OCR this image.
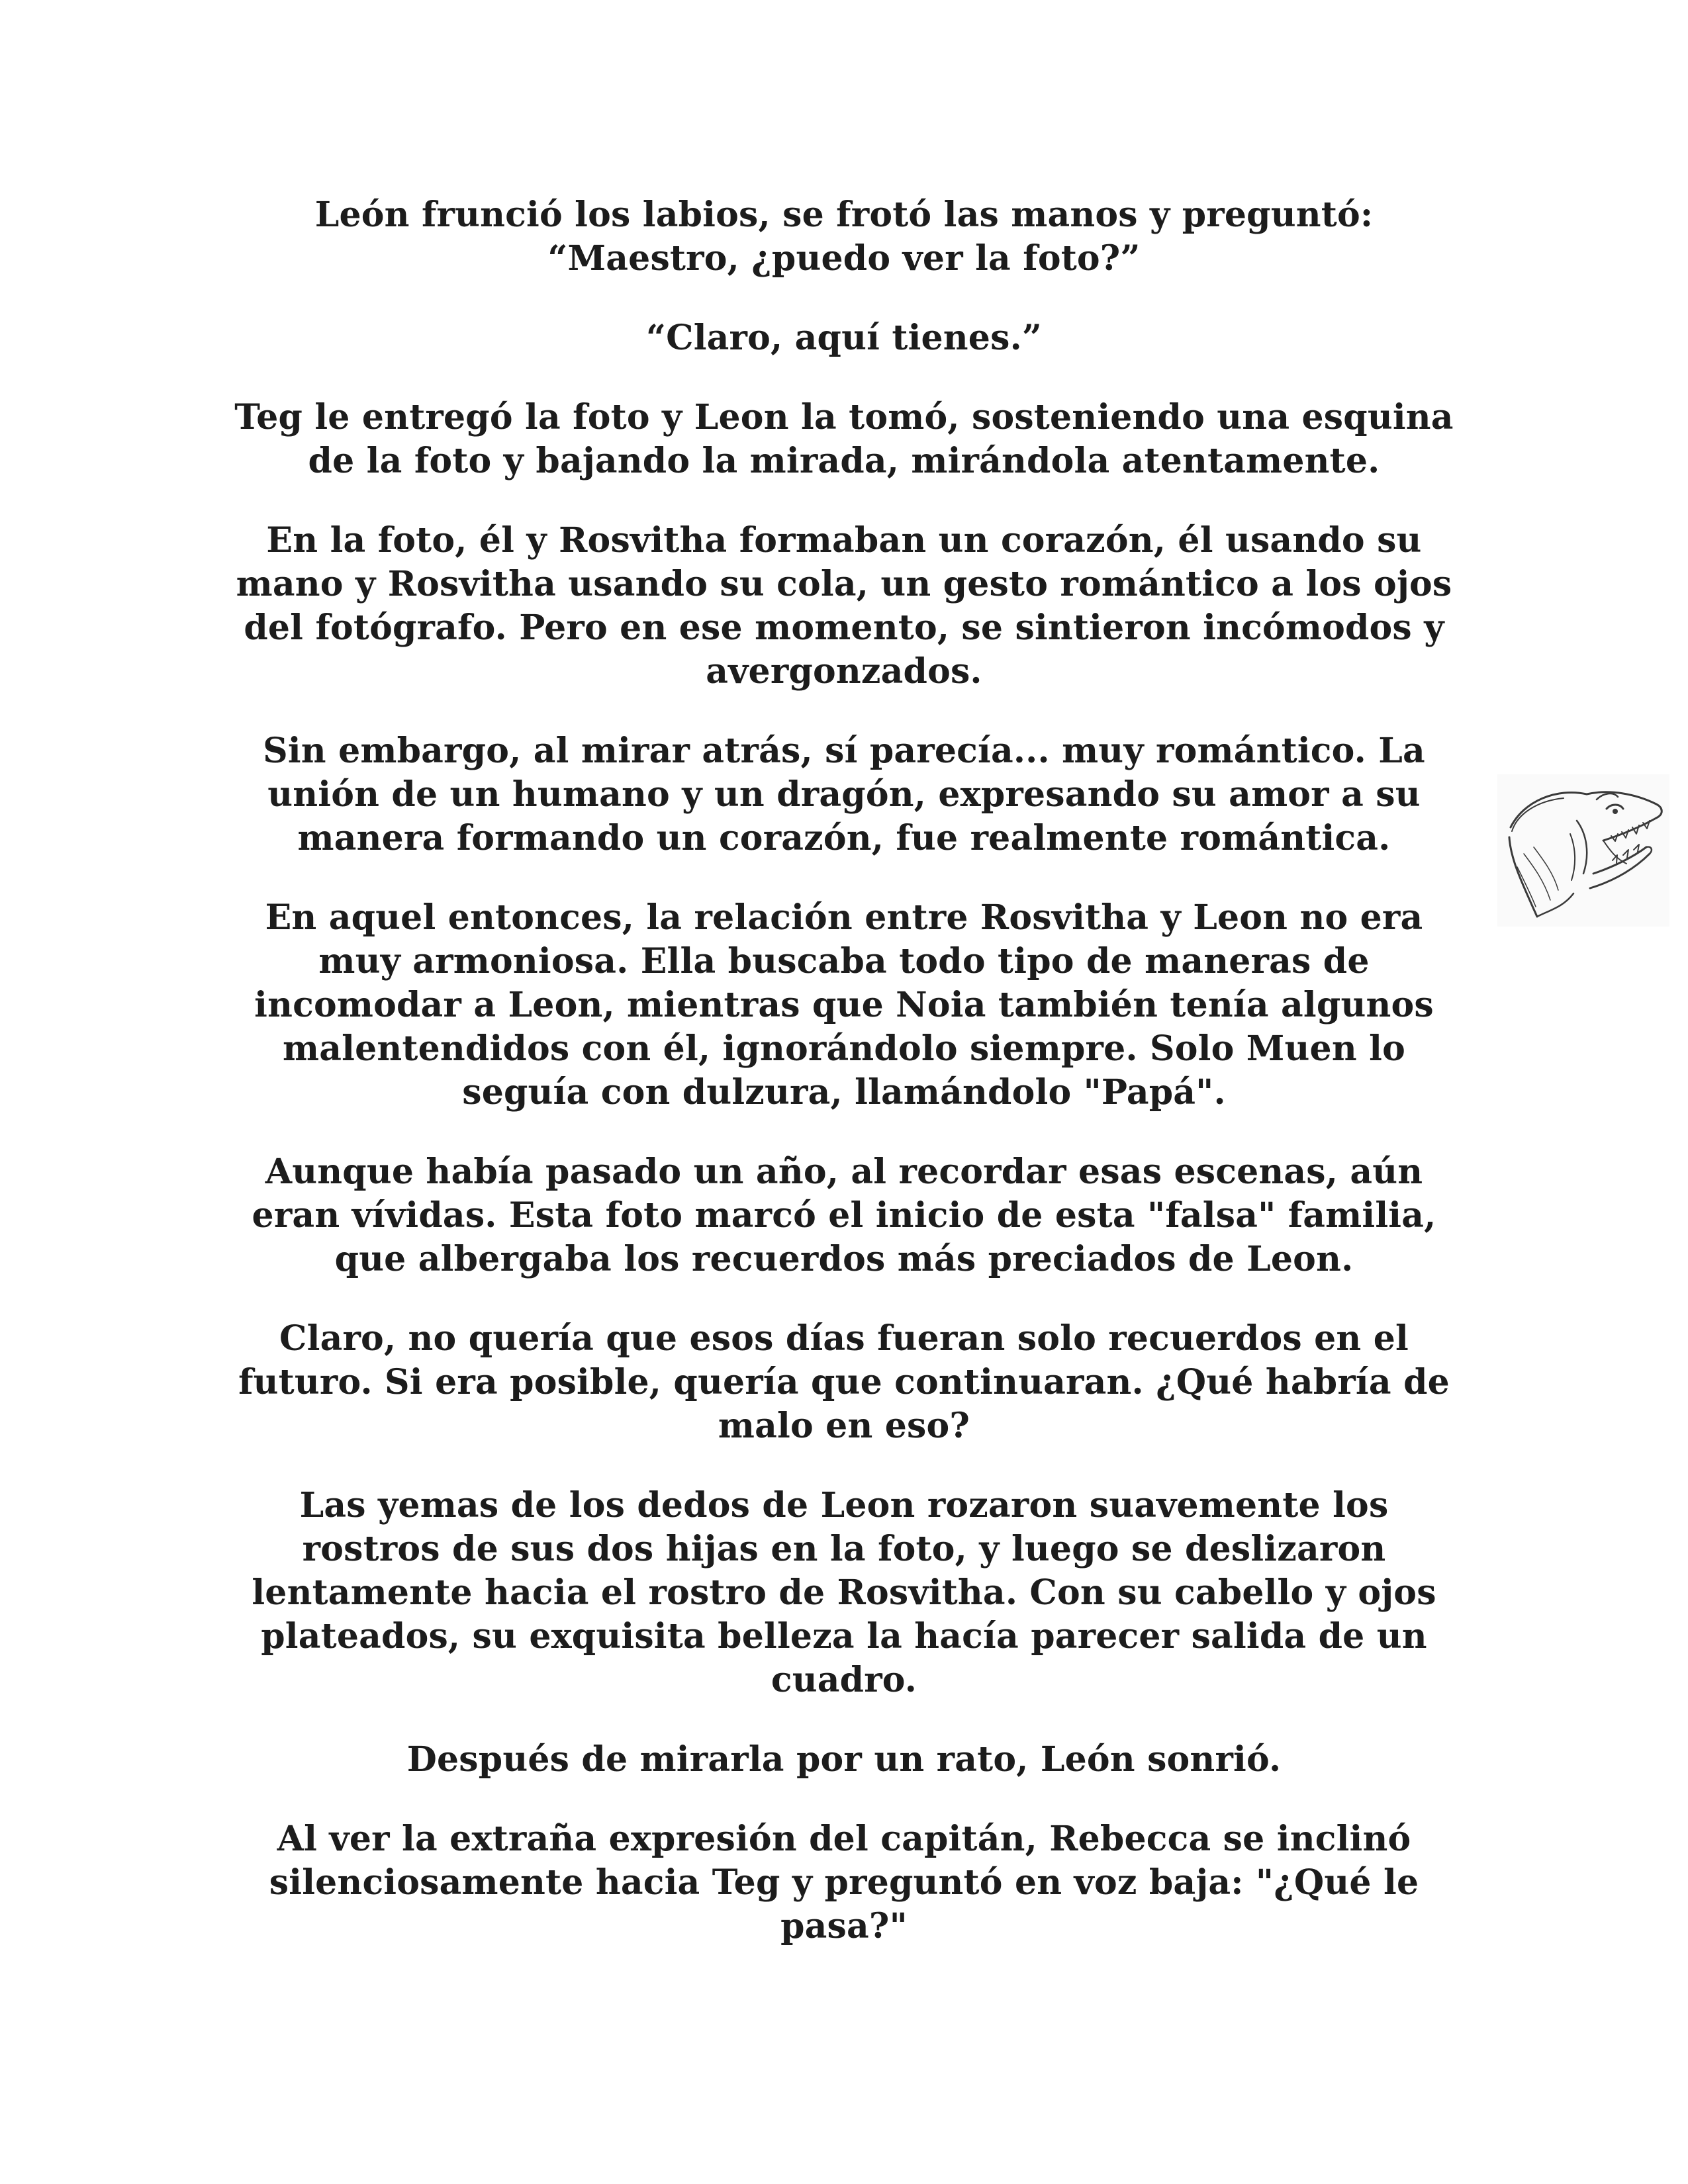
León frunció los labios, se frotó las manos y preguntó: “Maestro, ¿puedo ver la foto?”

“Claro, aquí tienes.”

Teg le entregó la foto y Leon la tomó, sosteniendo una esquina de la foto y bajando la mirada, mirándola atentamente.

En la foto, él y Rosvitha formaban un corazón, él usando su mano y Rosvitha usando su cola, un gesto romántico a los ojos del fotógrafo. Pero en ese momento, se sintieron incómodos y avergonzados.

Sin embargo, al mirar atrás, sí parecía... muy romántico. La unión de un humano y un dragón, expresando su amor a su manera formando un corazón, fue realmente romántica.

En aquel entonces, la relación entre Rosvitha y Leon no era muy armoniosa. Ella buscaba todo tipo de maneras de incomodar a Leon, mientras que Noia también tenía algunos malentendidos con él, ignorándolo siempre. Solo Muen lo seguía con dulzura, llamándolo "Papá".

Aunque había pasado un año, al recordar esas escenas, aún eran vívidas. Esta foto marcó el inicio de esta "falsa" familia, que albergaba los recuerdos más preciados de Leon.

Claro, no quería que esos días fueran solo recuerdos en el futuro. Si era posible, quería que continuaran. ¿Qué habría de malo en eso?

Las yemas de los dedos de Leon rozaron suavemente los rostros de sus dos hijas en la foto, y luego se deslizaron lentamente hacia el rostro de Rosvitha. Con su cabello y ojos plateados, su exquisita belleza la hacía parecer salida de un cuadro.

Después de mirarla por un rato, León sonrió.

Al ver la extraña expresión del capitán, Rebecca se inclinó silenciosamente hacia Teg y preguntó en voz baja: "¿Qué le pasa?"
